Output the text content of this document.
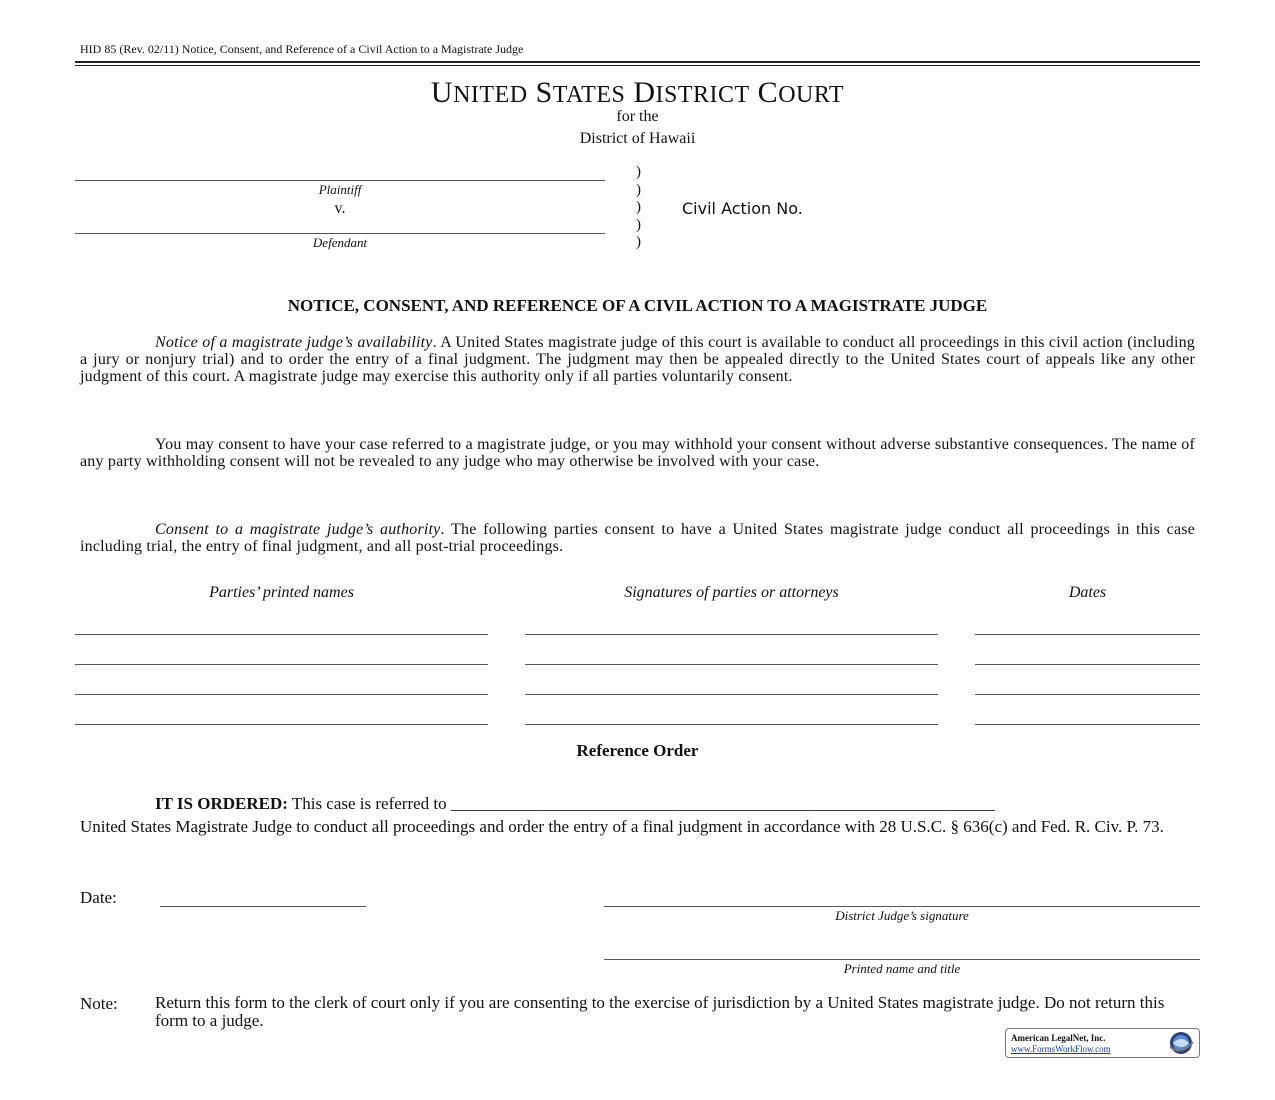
HID 85 (Rev. 02/11) Notice, Consent, and Reference of a Civil Action to a Magistrate Judge
UNITED STATES DISTRICT COURT
for the
District of Hawaii
Plaintiff
v.
Defendant
)
)
)
)
)
Civil Action No.
NOTICE, CONSENT, AND REFERENCE OF A CIVIL ACTION TO A MAGISTRATE JUDGE
Notice of a magistrate judge’s availability. A United States magistrate judge of this court is available to conduct all proceedings in this civil action (including a jury or nonjury trial) and to order the entry of a final judgment. The judgment may then be appealed directly to the United States court of appeals like any other judgment of this court. A magistrate judge may exercise this authority only if all parties voluntarily consent.
You may consent to have your case referred to a magistrate judge, or you may withhold your consent without adverse substantive consequences. The name of any party withholding consent will not be revealed to any judge who may otherwise be involved with your case.
Consent to a magistrate judge’s authority. The following parties consent to have a United States magistrate judge conduct all proceedings in this case including trial, the entry of final judgment, and all post-trial proceedings.
Parties’ printed names	Signatures of parties or attorneys	Dates
Reference Order
IT IS ORDERED: This case is referred to ________________________________________________________________
United States Magistrate Judge to conduct all proceedings and order the entry of a final judgment in accordance with 28 U.S.C. § 636(c) and Fed. R. Civ. P. 73.
Date:
District Judge’s signature
Printed name and title
Note: Return this form to the clerk of court only if you are consenting to the exercise of jurisdiction by a United States magistrate judge. Do not return this form to a judge.
American LegalNet, Inc.
www.FormsWorkFlow.com
